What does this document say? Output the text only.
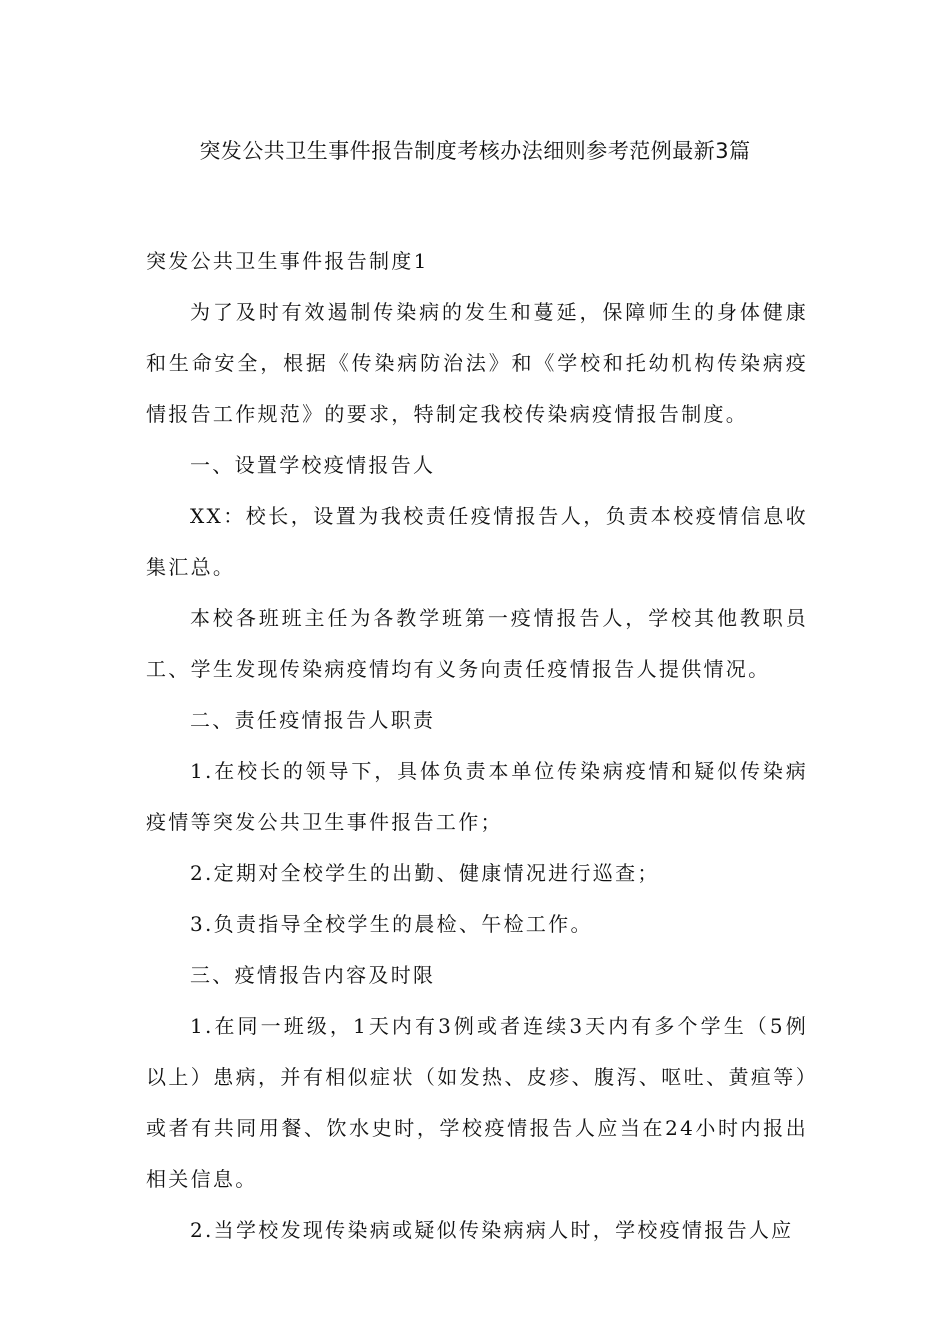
突发公共卫生事件报告制度考核办法细则参考范例最新3篇

突发公共卫生事件报告制度1

为了及时有效遏制传染病的发生和蔓延，保障师生的身体健康和生命安全，根据《传染病防治法》和《学校和托幼机构传染病疫情报告工作规范》的要求，特制定我校传染病疫情报告制度。

一、设置学校疫情报告人

XX：校长，设置为我校责任疫情报告人，负责本校疫情信息收集汇总。

本校各班班主任为各教学班第一疫情报告人，学校其他教职员工、学生发现传染病疫情均有义务向责任疫情报告人提供情况。

二、责任疫情报告人职责

1.在校长的领导下，具体负责本单位传染病疫情和疑似传染病疫情等突发公共卫生事件报告工作；

2.定期对全校学生的出勤、健康情况进行巡查；

3.负责指导全校学生的晨检、午检工作。

三、疫情报告内容及时限

1.在同一班级，1天内有3例或者连续3天内有多个学生（5例以上）患病，并有相似症状（如发热、皮疹、腹泻、呕吐、黄疸等）或者有共同用餐、饮水史时，学校疫情报告人应当在24小时内报出相关信息。

2.当学校发现传染病或疑似传染病病人时，学校疫情报告人应
